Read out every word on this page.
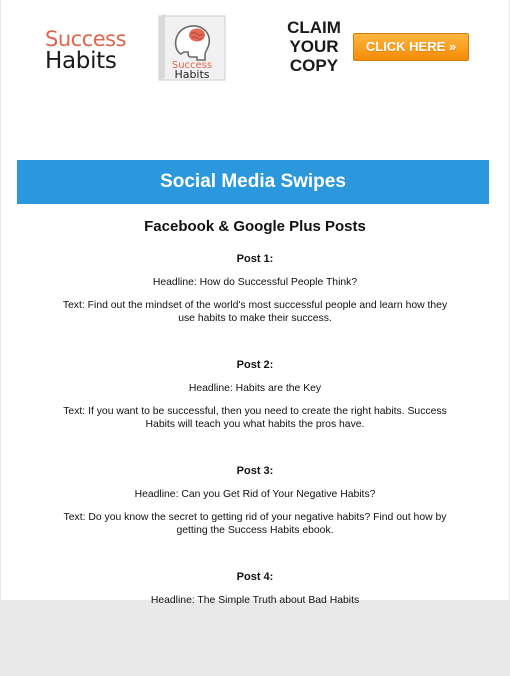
Success
Habits	Success
Habits
CLAIM
YOUR
COPY
CLICK HERE »
Social Media Swipes
Facebook & Google Plus Posts

Post 1:

Headline: How do Successful People Think?

Text: Find out the mindset of the world's most successful people and learn how they use habits to make their success.

Post 2:

Headline: Habits are the Key

Text: If you want to be successful, then you need to create the right habits. Success Habits will teach you what habits the pros have.

Post 3:

Headline: Can you Get Rid of Your Negative Habits?

Text: Do you know the secret to getting rid of your negative habits? Find out how by getting the Success Habits ebook.

Post 4:

Headline: The Simple Truth about Bad Habits
